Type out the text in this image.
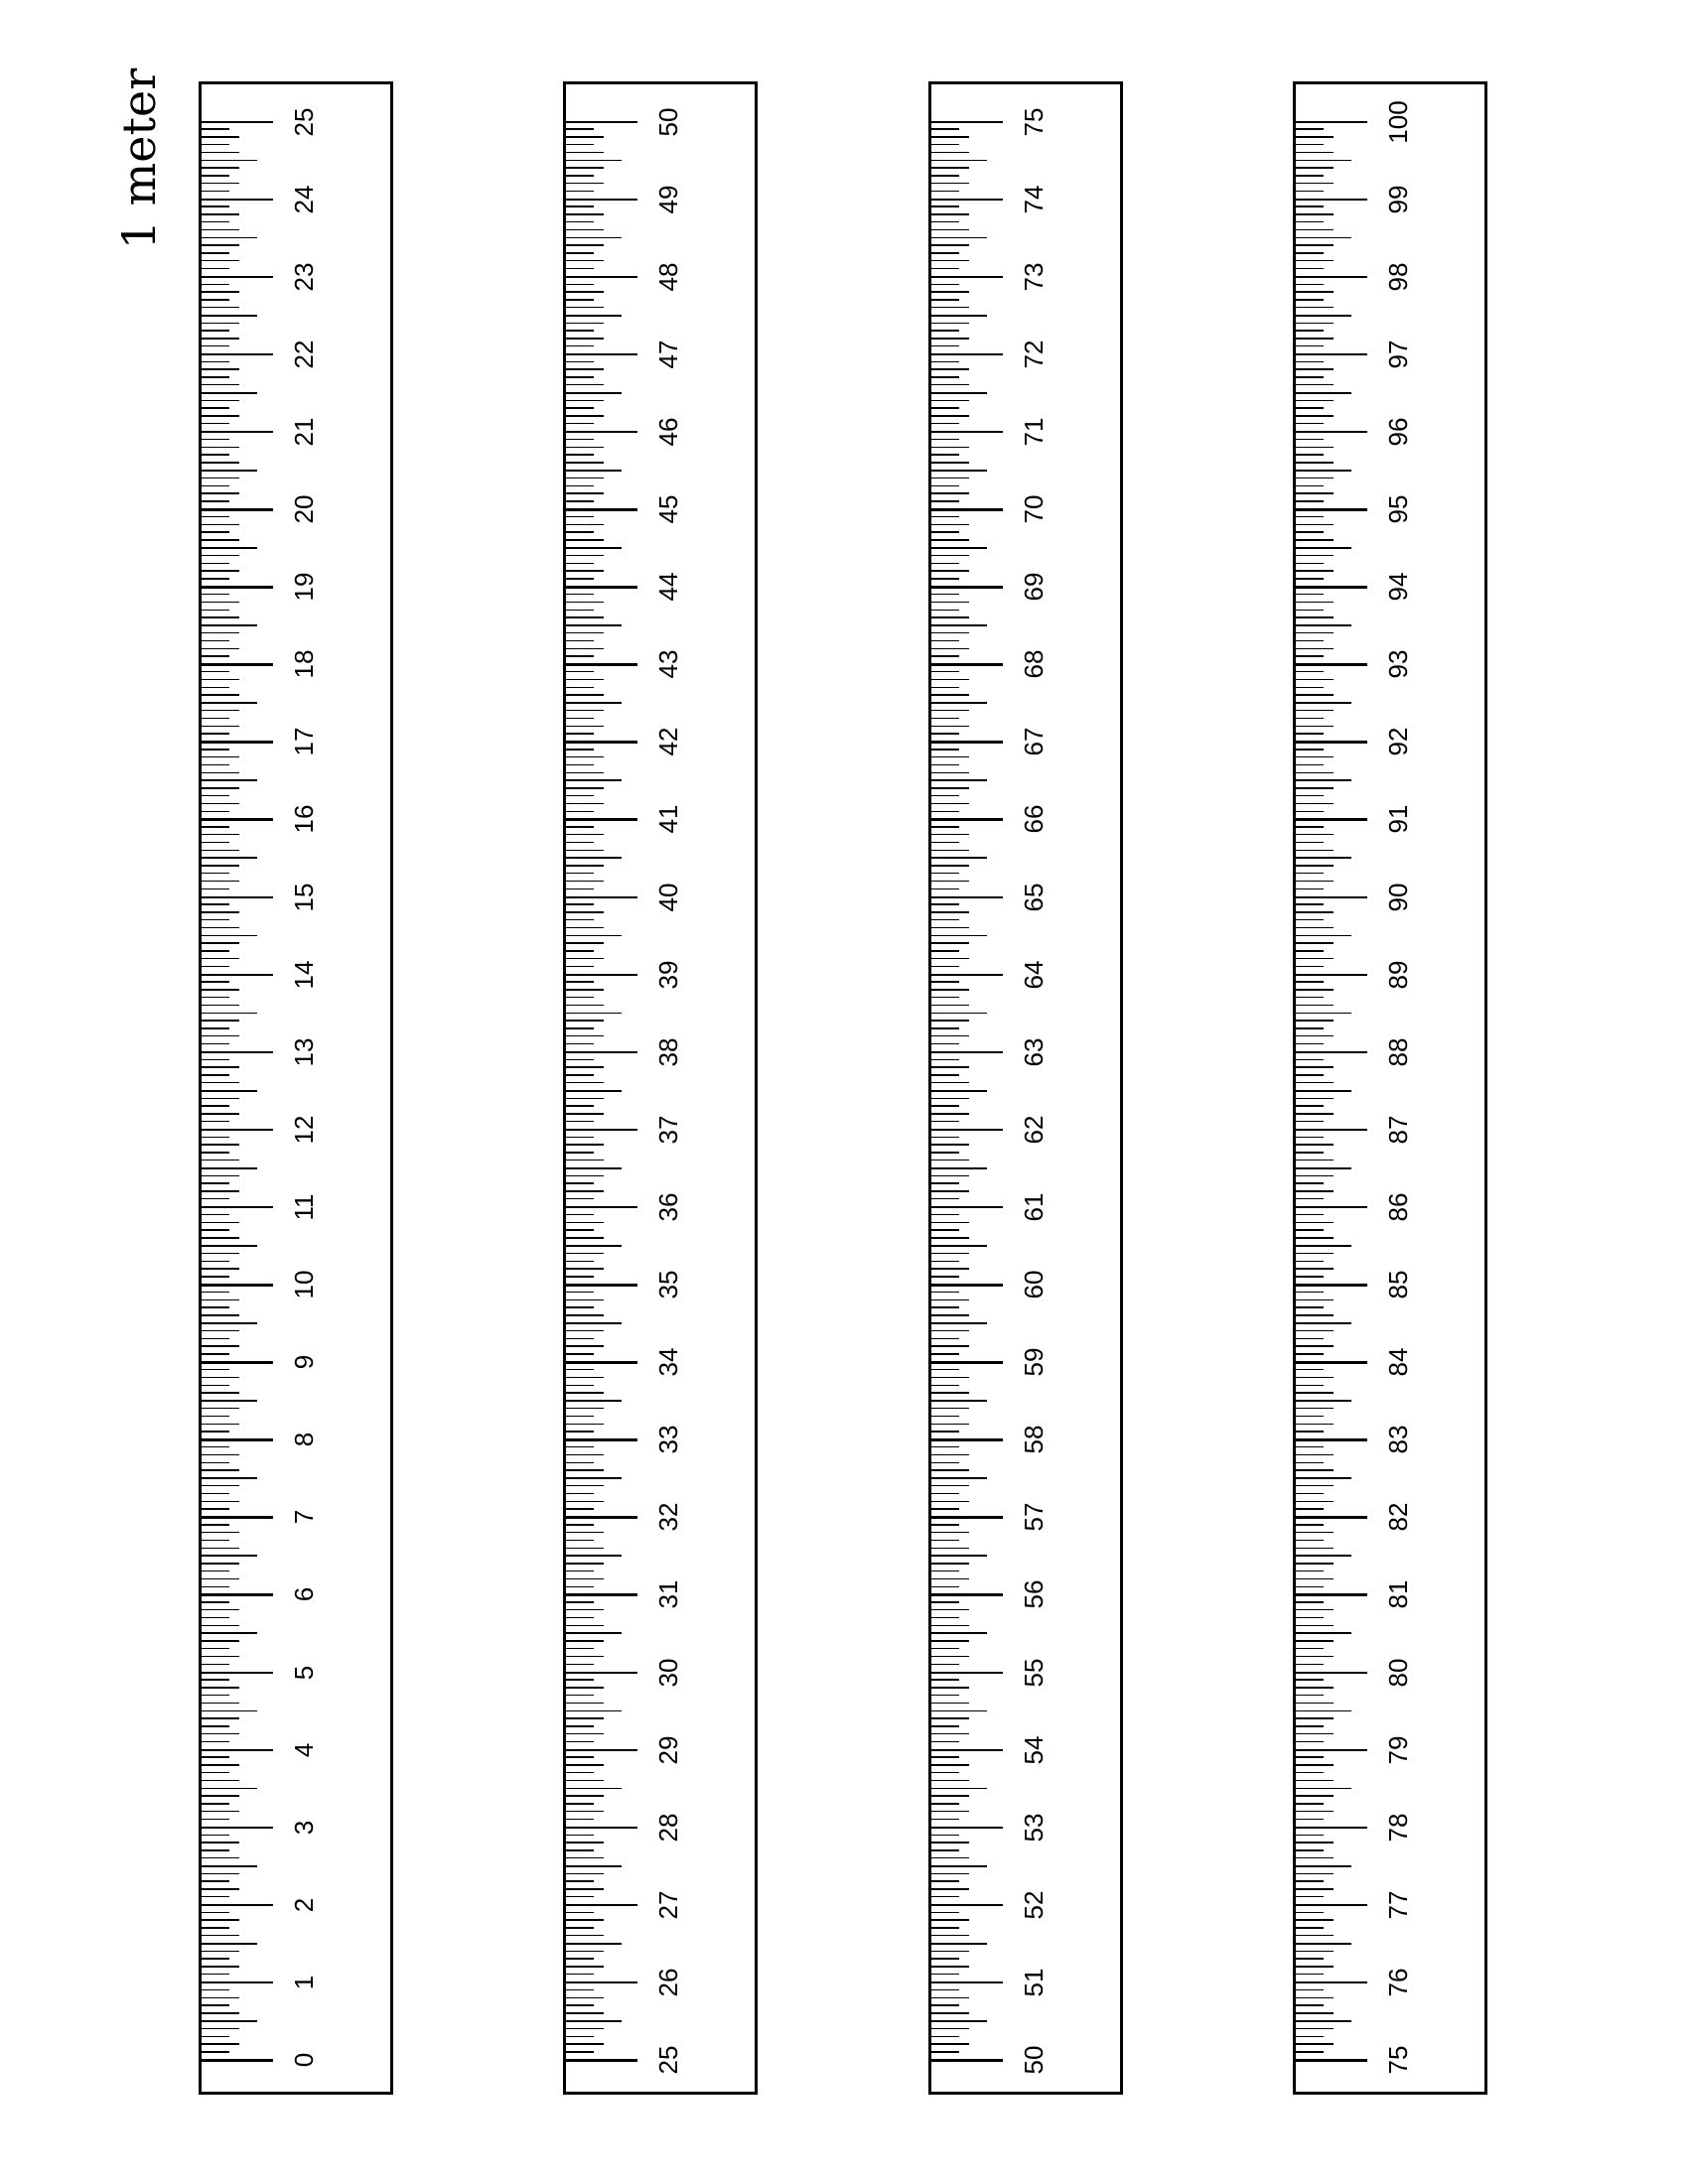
1 meter
0
1
2
3
4
5
6
7
8
9
10
11
12
13
14
15
16
17
18
19
20
21
22
23
24
25
25
26
27
28
29
30
31
32
33
34
35
36
37
38
39
40
41
42
43
44
45
46
47
48
49
50
50
51
52
53
54
55
56
57
58
59
60
61
62
63
64
65
66
67
68
69
70
71
72
73
74
75
75
76
77
78
79
80
81
82
83
84
85
86
87
88
89
90
91
92
93
94
95
96
97
98
99
100
